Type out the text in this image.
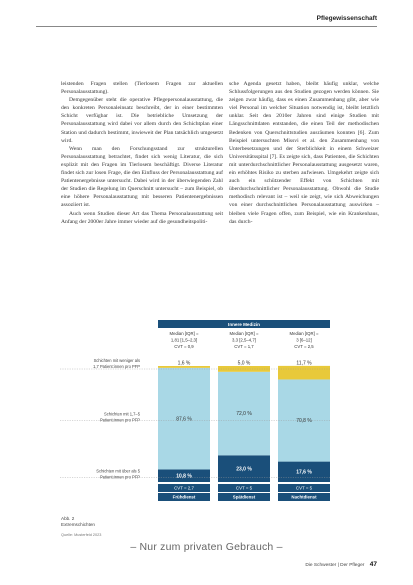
Pflegewissenschaft

leistenden Fragen stellen (Tierlosem Fragen zur aktuellen Personalausstattung).

Demgegenüber steht die operative Pflegepersonalausstattung, die den konkreten Personaleinsatz beschreibt, der in einer bestimmten Schicht verfügbar ist. Die betriebliche Umsetzung der Personalausstattung wird dabei vor allem durch den Schichtplan einer Station und dadurch bestimmt, inwieweit der Plan tatsächlich umgesetzt wird.

Wenn man den Forschungsstand zur strukturellen Personalausstattung betrachtet, findet sich wenig Literatur, die sich explizit mit den Fragen im Tierlosem beschäftigt. Diverse Literatur findet sich zur losen Frage, die den Einfluss der Personalausstattung auf Patientenergebnisse untersucht. Dabei wird in der überwiegenden Zahl der Studien die Regelung im Querschnitt untersucht – zum Beispiel, ob eine höhere Personalausstattung mit besseren Patientenergebnissen assoziiert ist.

Auch wenn Studien dieser Art das Thema Personalausstattung seit Anfang der 2000er Jahre immer wieder auf die gesundheitspoliti-

sche Agenda gesetzt haben, bleibt häufig unklar, welche Schlussfolgerungen aus den Studien gezogen werden können. Sie zeigen zwar häufig, dass es einen Zusammenhang gibt, aber wie viel Personal im welcher Situation notwendig ist, bleibt letztlich unklar. Seit den 2010er Jahren sind einige Studien mit Längsschnittdaten entstanden, die einen Teil der methodischen Bedenken von Querschnittstudien ausräumen konnten [6]. Zum Beispiel untersuchten Missvi et al. den Zusammenhang von Unterbesetzungen und der Sterblichkeit in einem Schweizer Universitätsspital [7]. Es zeigte sich, dass Patienten, die Schichten mit unterdurchschnittlicher Personalausstattung ausgesetzt waren, ein erhöhtes Risiko zu sterben aufwiesen. Umgekehrt zeigte sich auch ein schützender Effekt von Schichten mit überdurchschnittlicher Personalausstattung. Obwohl die Studie methodisch relevant ist – weil sie zeigt, wie sich Abweichungen von einer durchschnittlichen Personalausstattung auswirken – bleiben viele Fragen offen, zum Beispiel, wie ein Krankenhaus, das durch-

Innere Medizin
Median [IQR] =
1,81 [1,5–2,3]
CVT = 0,9
Median [IQR] =
3,3 [2,5–4,7]
CVT = 1,7
Median [IQR] =
3 [6–12]
CVT = 2,5
10,8 %
87,6 %
1,6 %
23,0 %
72,0 %
5,0 %
17,6 %
70,8 %
11,7 %
Schichten mit über als 5
Patient:innen pro PFP
Schichten mit 1,7–5
Patient:innen pro PFP
Schichten mit weniger als
1,7 Patient:innen pro PFP
CVT = 2,7	CVT = 5	CVT = 5
Frühdienst	Spätdienst	Nachtdienst
Abb. 2
Extremschichten
Quelle: Musterfeld 2023
– Nur zum privaten Gebrauch –
Die Schwester | Der Pfleger 47
